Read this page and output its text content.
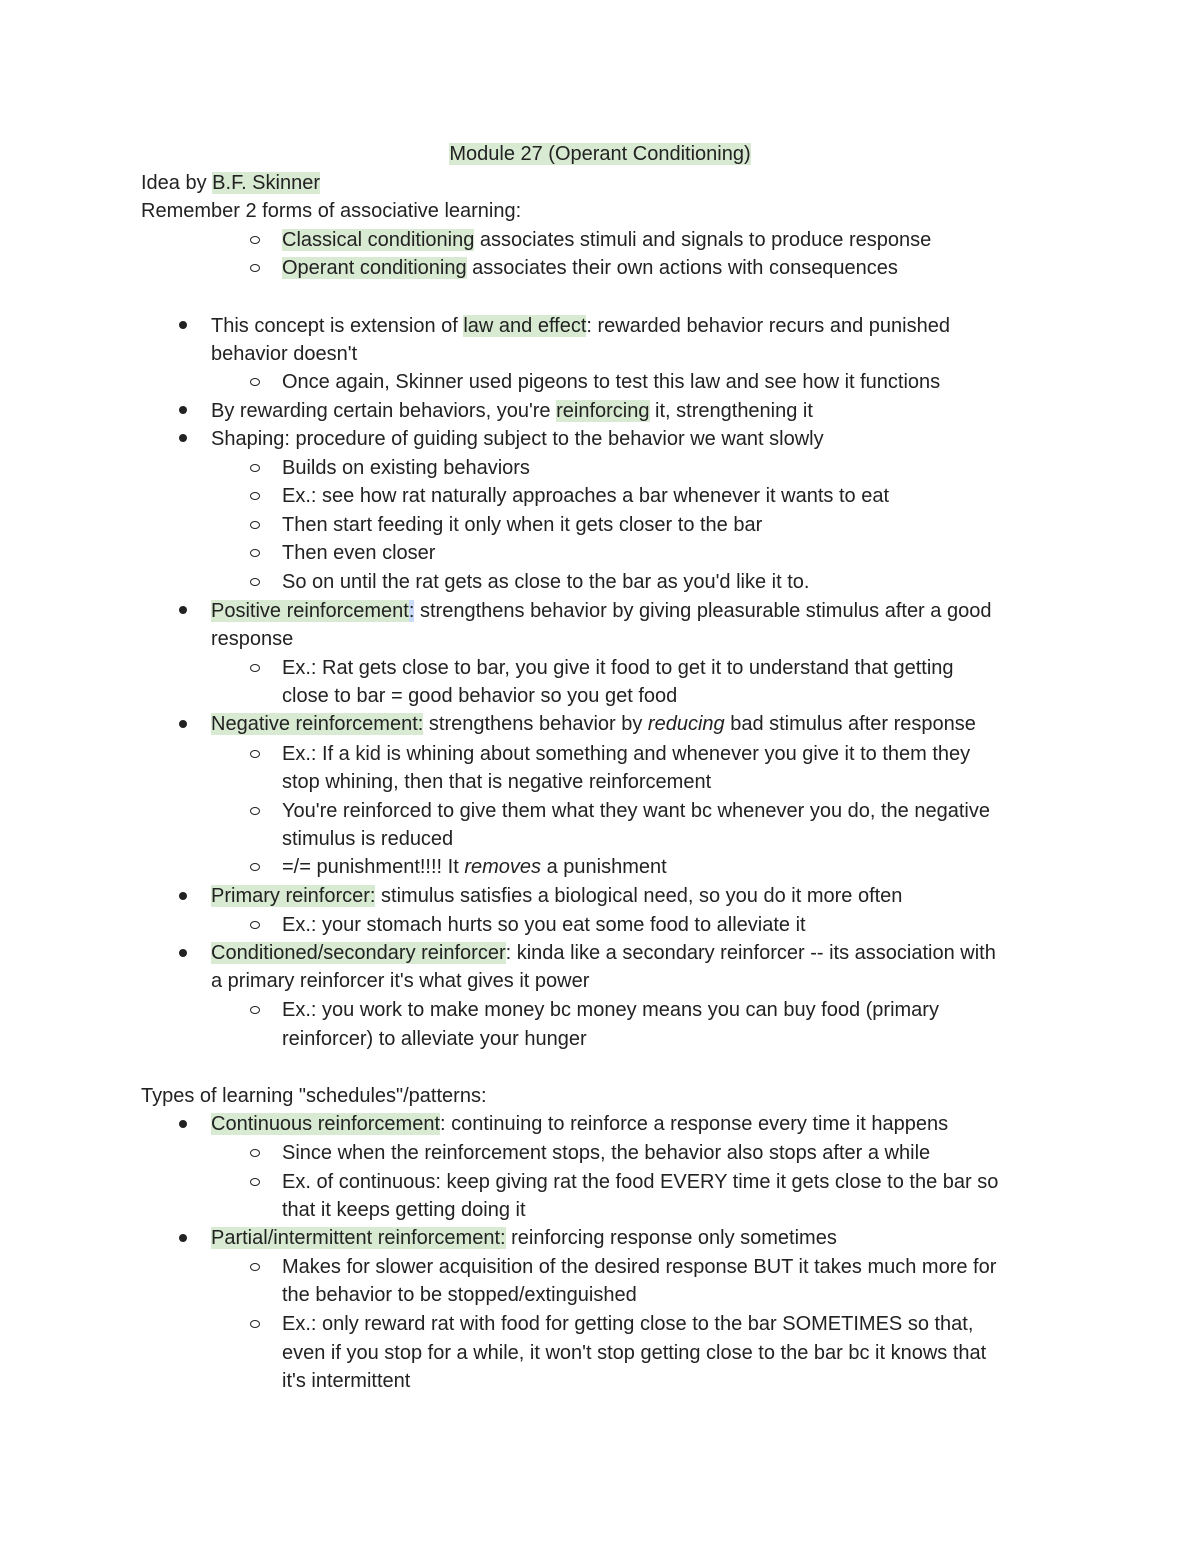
Module 27 (Operant Conditioning)
Idea by B.F. Skinner
Remember 2 forms of associative learning:
Classical conditioning associates stimuli and signals to produce response
Operant conditioning associates their own actions with consequences
This concept is extension of law and effect: rewarded behavior recurs and punished
behavior doesn't
Once again, Skinner used pigeons to test this law and see how it functions
By rewarding certain behaviors, you're reinforcing it, strengthening it
Shaping: procedure of guiding subject to the behavior we want slowly
Builds on existing behaviors
Ex.: see how rat naturally approaches a bar whenever it wants to eat
Then start feeding it only when it gets closer to the bar
Then even closer
So on until the rat gets as close to the bar as you'd like it to.
Positive reinforcement: strengthens behavior by giving pleasurable stimulus after a good
response
Ex.: Rat gets close to bar, you give it food to get it to understand that getting
close to bar = good behavior so you get food
Negative reinforcement: strengthens behavior by reducing bad stimulus after response
Ex.: If a kid is whining about something and whenever you give it to them they
stop whining, then that is negative reinforcement
You're reinforced to give them what they want bc whenever you do, the negative
stimulus is reduced
=/= punishment!!!! It removes a punishment
Primary reinforcer: stimulus satisfies a biological need, so you do it more often
Ex.: your stomach hurts so you eat some food to alleviate it
Conditioned/secondary reinforcer: kinda like a secondary reinforcer -- its association with
a primary reinforcer it's what gives it power
Ex.: you work to make money bc money means you can buy food (primary
reinforcer) to alleviate your hunger
Types of learning "schedules"/patterns:
Continuous reinforcement: continuing to reinforce a response every time it happens
Since when the reinforcement stops, the behavior also stops after a while
Ex. of continuous: keep giving rat the food EVERY time it gets close to the bar so
that it keeps getting doing it
Partial/intermittent reinforcement: reinforcing response only sometimes
Makes for slower acquisition of the desired response BUT it takes much more for
the behavior to be stopped/extinguished
Ex.: only reward rat with food for getting close to the bar SOMETIMES so that,
even if you stop for a while, it won't stop getting close to the bar bc it knows that
it's intermittent
